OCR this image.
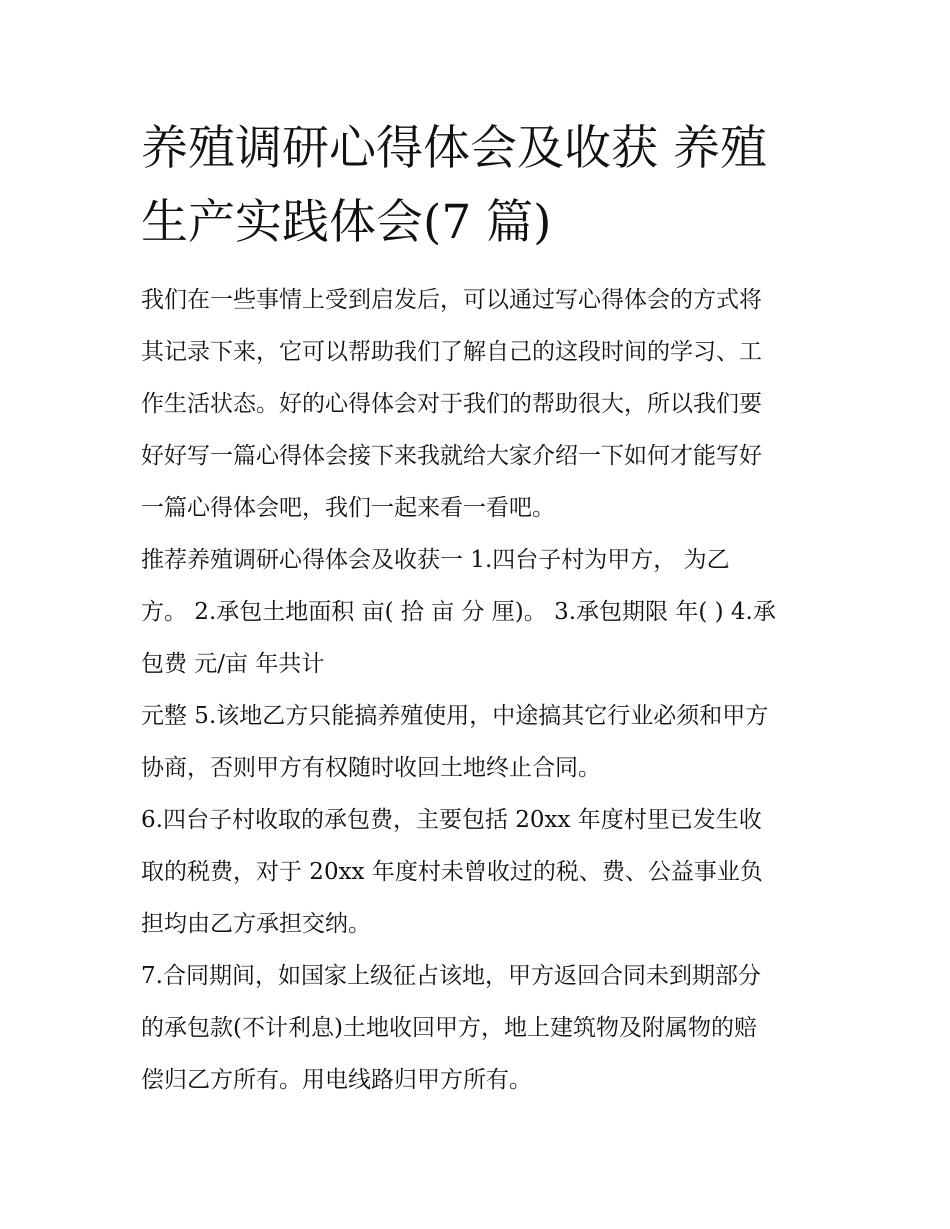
养殖调研心得体会及收获 养殖
生产实践体会(7 篇)

我们在一些事情上受到启发后，可以通过写心得体会的方式将
其记录下来，它可以帮助我们了解自己的这段时间的学习、工
作生活状态。好的心得体会对于我们的帮助很大，所以我们要
好好写一篇心得体会接下来我就给大家介绍一下如何才能写好
一篇心得体会吧，我们一起来看一看吧。

推荐养殖调研心得体会及收获一 1.四台子村为甲方， 为乙
方。 2.承包土地面积 亩( 拾 亩 分 厘)。 3.承包期限 年( ) 4.承
包费 元/亩 年共计

元整 5.该地乙方只能搞养殖使用，中途搞其它行业必须和甲方
协商，否则甲方有权随时收回土地终止合同。

6.四台子村收取的承包费，主要包括 20xx 年度村里已发生收
取的税费，对于 20xx 年度村未曾收过的税、费、公益事业负
担均由乙方承担交纳。

7.合同期间，如国家上级征占该地，甲方返回合同未到期部分
的承包款(不计利息)土地收回甲方，地上建筑物及附属物的赔
偿归乙方所有。用电线路归甲方所有。
